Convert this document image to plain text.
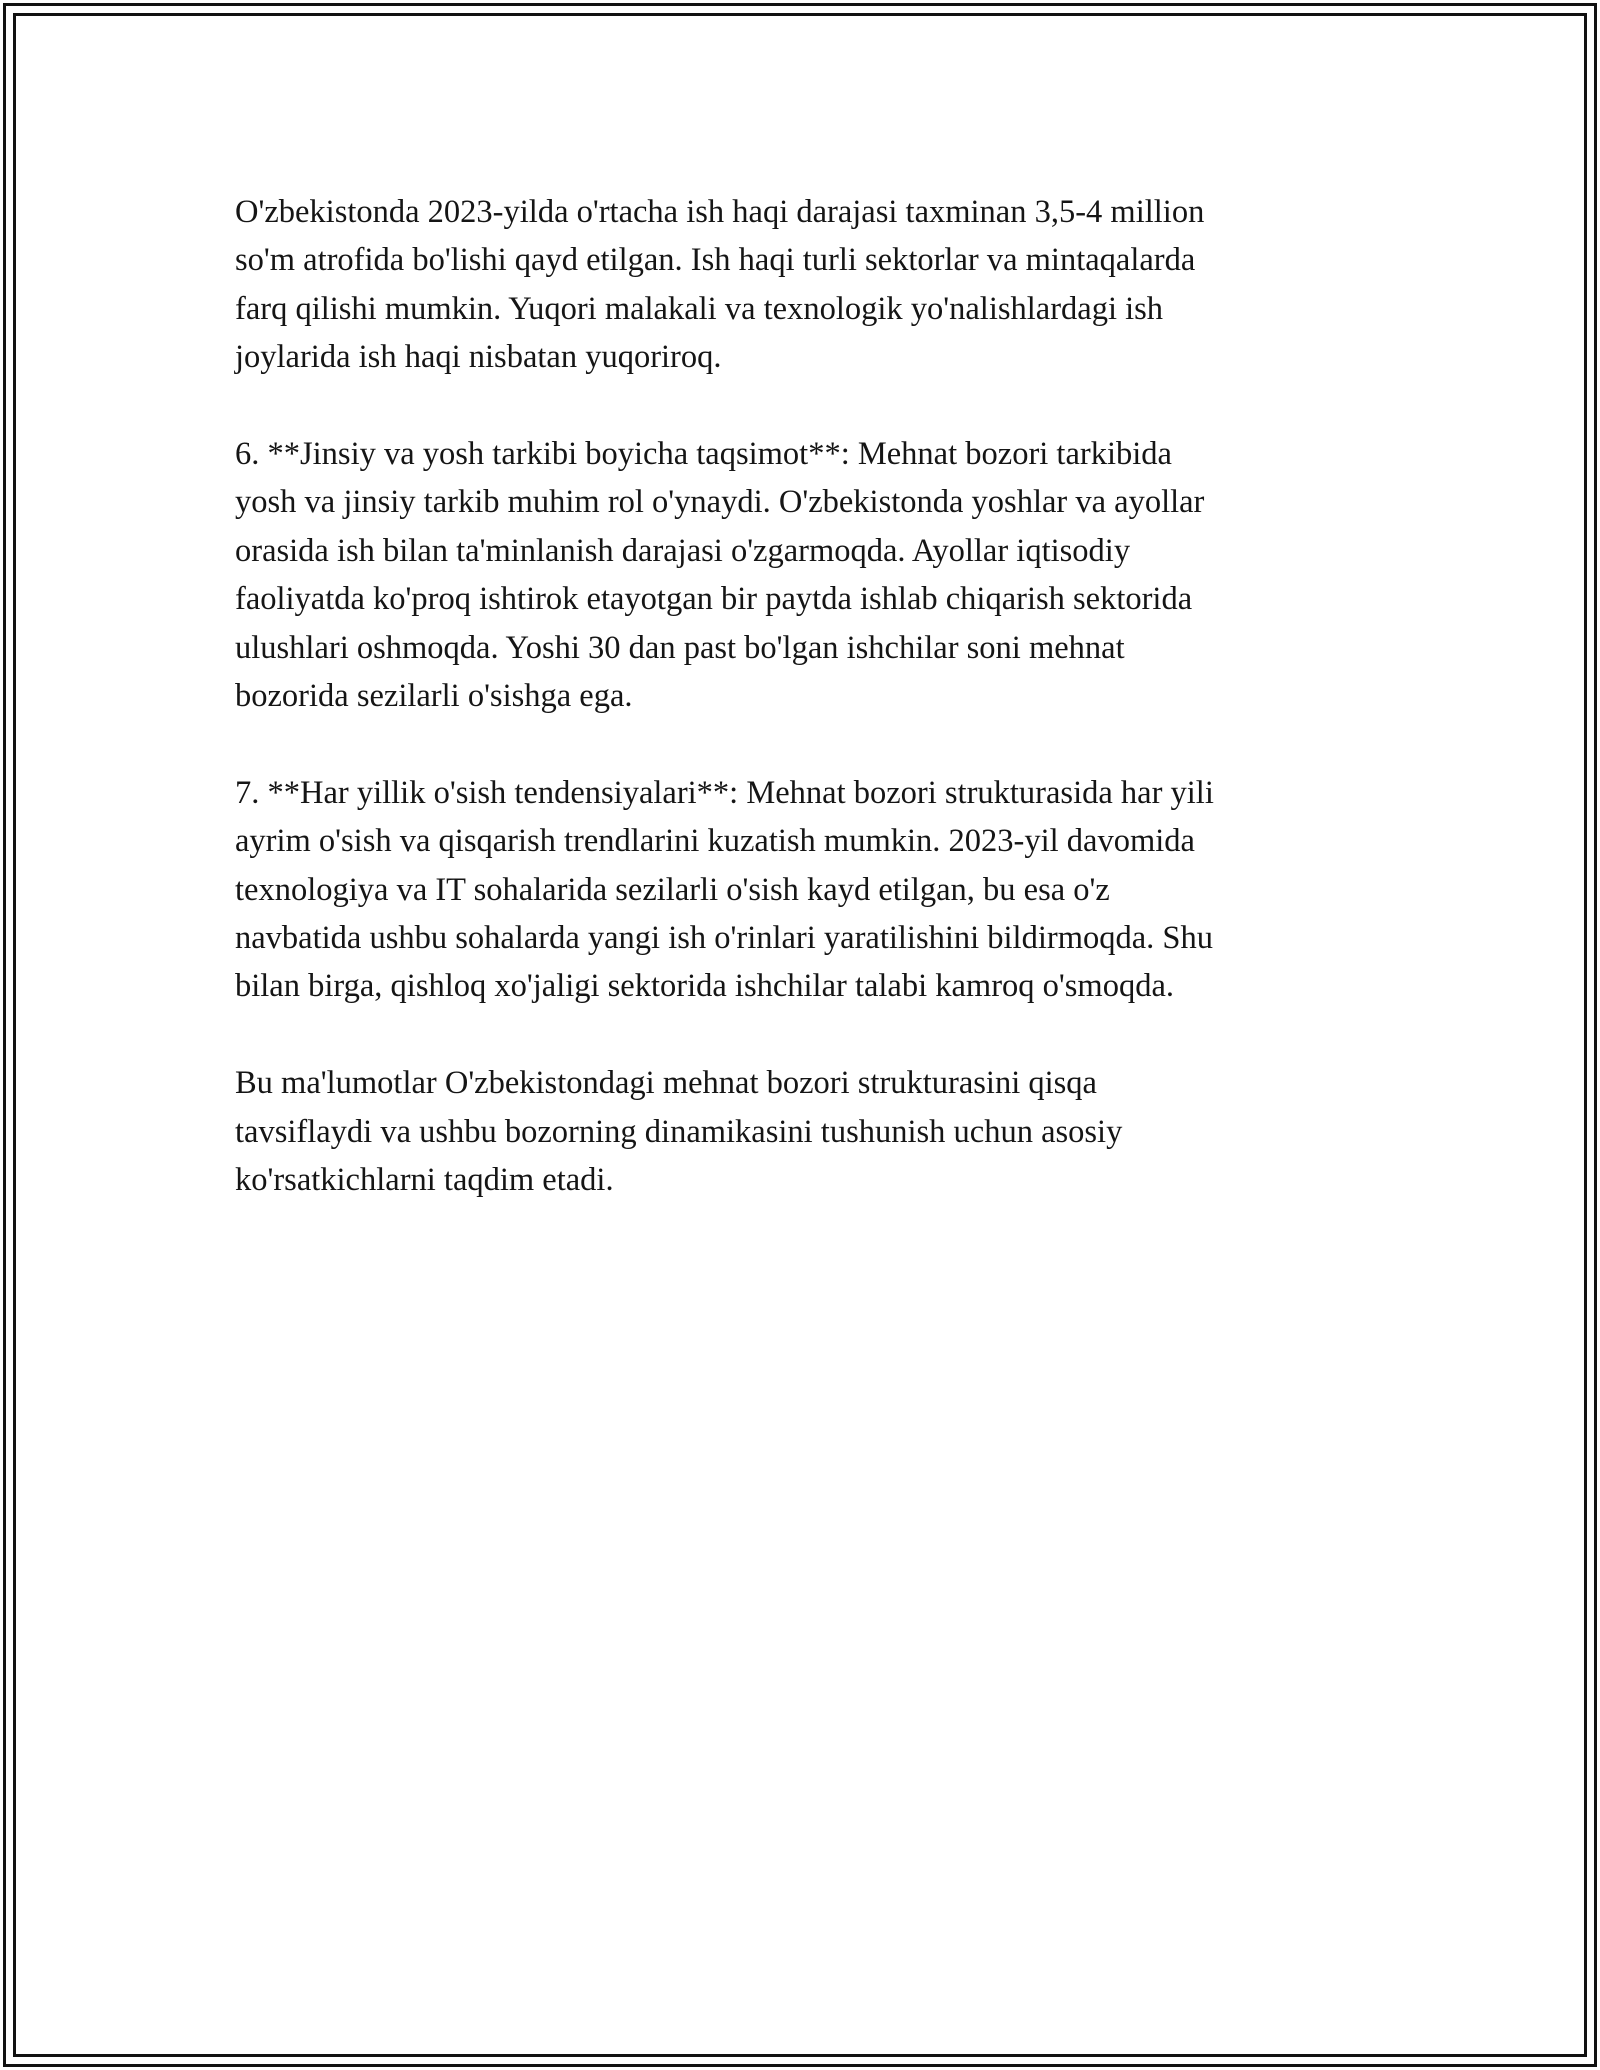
O'zbekistonda 2023-yilda o'rtacha ish haqi darajasi taxminan 3,5-4 million
so'm atrofida bo'lishi qayd etilgan. Ish haqi turli sektorlar va mintaqalarda
farq qilishi mumkin. Yuqori malakali va texnologik yo'nalishlardagi ish
joylarida ish haqi nisbatan yuqoriroq.

6. **Jinsiy va yosh tarkibi boyicha taqsimot**: Mehnat bozori tarkibida
yosh va jinsiy tarkib muhim rol o'ynaydi. O'zbekistonda yoshlar va ayollar
orasida ish bilan ta'minlanish darajasi o'zgarmoqda. Ayollar iqtisodiy
faoliyatda ko'proq ishtirok etayotgan bir paytda ishlab chiqarish sektorida
ulushlari oshmoqda. Yoshi 30 dan past bo'lgan ishchilar soni mehnat
bozorida sezilarli o'sishga ega.

7. **Har yillik o'sish tendensiyalari**: Mehnat bozori strukturasida har yili
ayrim o'sish va qisqarish trendlarini kuzatish mumkin. 2023-yil davomida
texnologiya va IT sohalarida sezilarli o'sish kayd etilgan, bu esa o'z
navbatida ushbu sohalarda yangi ish o'rinlari yaratilishini bildirmoqda. Shu
bilan birga, qishloq xo'jaligi sektorida ishchilar talabi kamroq o'smoqda.

Bu ma'lumotlar O'zbekistondagi mehnat bozori strukturasini qisqa
tavsiflaydi va ushbu bozorning dinamikasini tushunish uchun asosiy
ko'rsatkichlarni taqdim etadi.
